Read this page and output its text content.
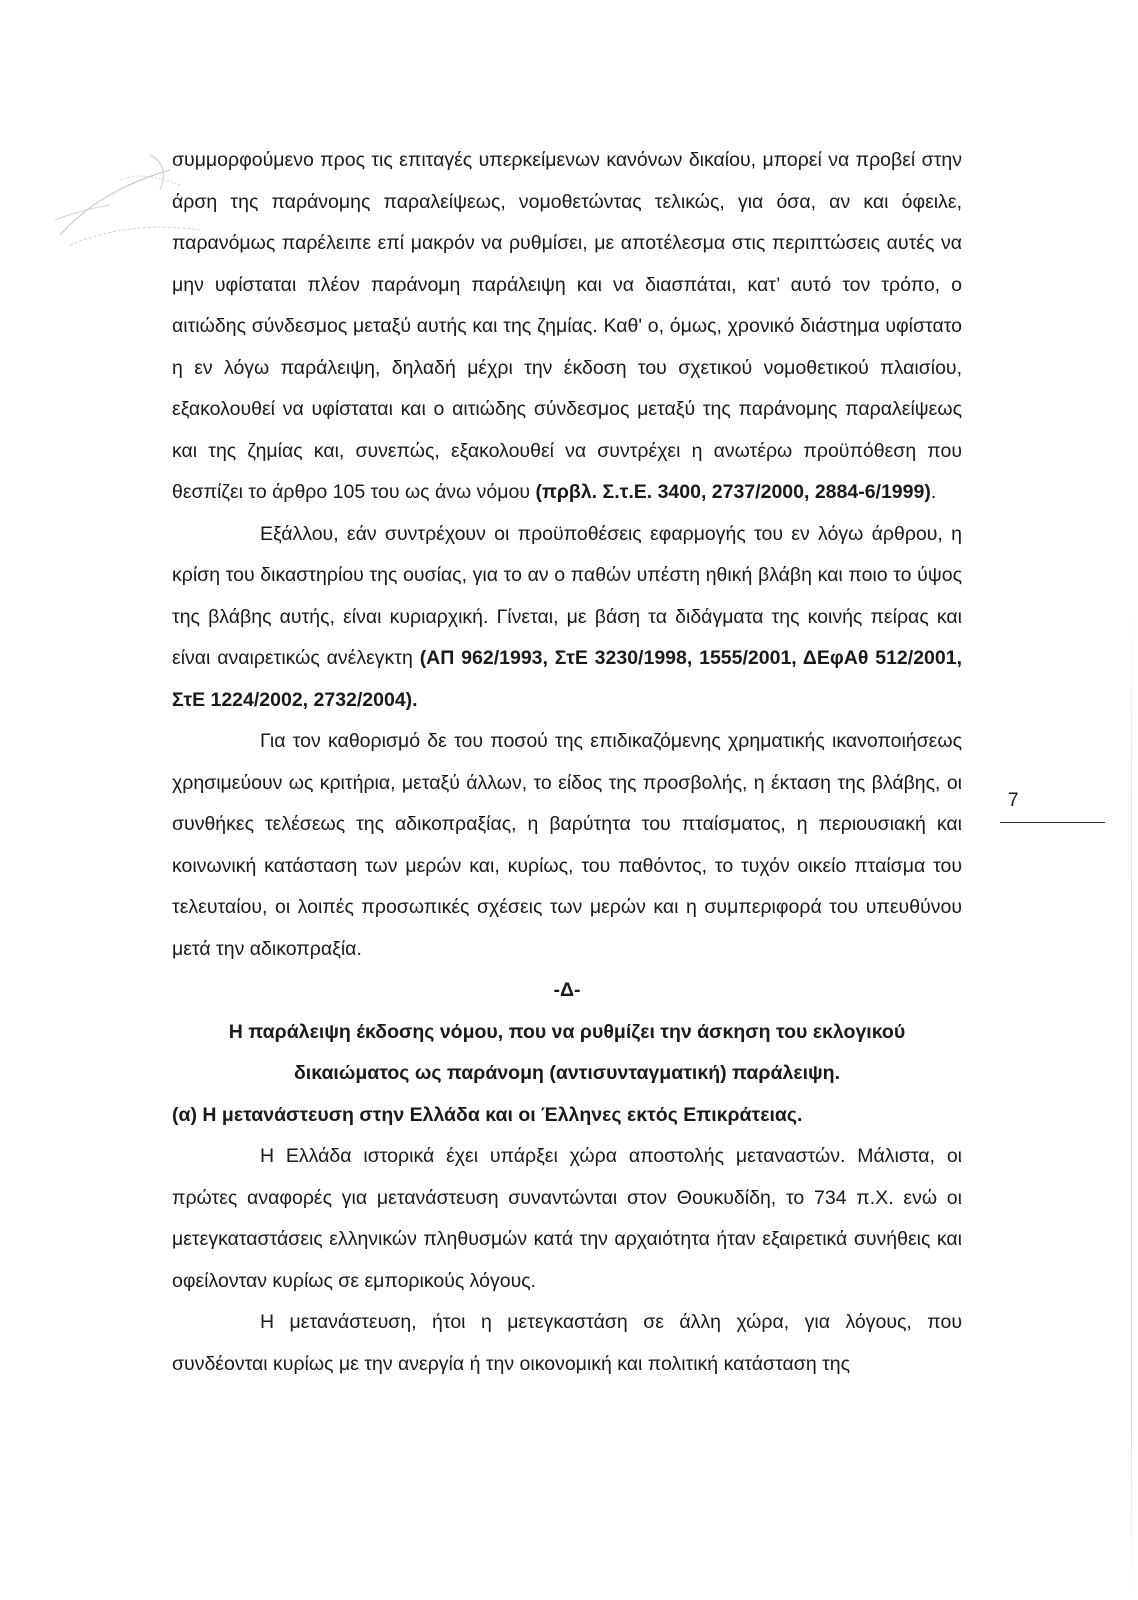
συμμορφούμενο προς τις επιταγές υπερκείμενων κανόνων δικαίου, μπορεί να προβεί στην άρση της παράνομης παραλείψεως, νομοθετώντας τελικώς, για όσα, αν και όφειλε, παρανόμως παρέλειπε επί μακρόν να ρυθμίσει, με αποτέλεσμα στις περιπτώσεις αυτές να μην υφίσταται πλέον παράνομη παράλειψη και να διασπάται, κατ’ αυτό τον τρόπο, ο αιτιώδης σύνδεσμος μεταξύ αυτής και της ζημίας. Καθ' ο, όμως, χρονικό διάστημα υφίστατο η εν λόγω παράλειψη, δηλαδή μέχρι την έκδοση του σχετικού νομοθετικού πλαισίου, εξακολουθεί να υφίσταται και ο αιτιώδης σύνδεσμος μεταξύ της παράνομης παραλείψεως και της ζημίας και, συνεπώς, εξακολουθεί να συντρέχει η ανωτέρω προϋπόθεση που θεσπίζει το άρθρο 105 του ως άνω νόμου (πρβλ. Σ.τ.Ε. 3400, 2737/2000, 2884-6/1999).

Εξάλλου, εάν συντρέχουν οι προϋποθέσεις εφαρμογής του εν λόγω άρθρου, η κρίση του δικαστηρίου της ουσίας, για το αν ο παθών υπέστη ηθική βλάβη και ποιο το ύψος της βλάβης αυτής, είναι κυριαρχική. Γίνεται, με βάση τα διδάγματα της κοινής πείρας και είναι αναιρετικώς ανέλεγκτη (ΑΠ 962/1993, ΣτΕ 3230/1998, 1555/2001, ΔΕφΑθ 512/2001, ΣτΕ 1224/2002, 2732/2004).

Για τον καθορισμό δε του ποσού της επιδικαζόμενης χρηματικής ικανοποιήσεως χρησιμεύουν ως κριτήρια, μεταξύ άλλων, το είδος της προσβολής, η έκταση της βλάβης, οι συνθήκες τελέσεως της αδικοπραξίας, η βαρύτητα του πταίσματος, η περιουσιακή και κοινωνική κατάσταση των μερών και, κυρίως, του παθόντος, το τυχόν οικείο πταίσμα του τελευταίου, οι λοιπές προσωπικές σχέσεις των μερών και η συμπεριφορά του υπευθύνου μετά την αδικοπραξία.

-Δ-

Η παράλειψη έκδοσης νόμου, που να ρυθμίζει την άσκηση του εκλογικού δικαιώματος ως παράνομη (αντισυνταγματική) παράλειψη.

(α) Η μετανάστευση στην Ελλάδα και οι Έλληνες εκτός Επικράτειας.

Η Ελλάδα ιστορικά έχει υπάρξει χώρα αποστολής μεταναστών. Μάλιστα, οι πρώτες αναφορές για μετανάστευση συναντώνται στον Θουκυδίδη, το 734 π.Χ. ενώ οι μετεγκαταστάσεις ελληνικών πληθυσμών κατά την αρχαιότητα ήταν εξαιρετικά συνήθεις και οφείλονταν κυρίως σε εμπορικούς λόγους.

Η μετανάστευση, ήτοι η μετεγκαστάση σε άλλη χώρα, για λόγους, που συνδέονται κυρίως με την ανεργία ή την οικονομική και πολιτική κατάσταση της

7
